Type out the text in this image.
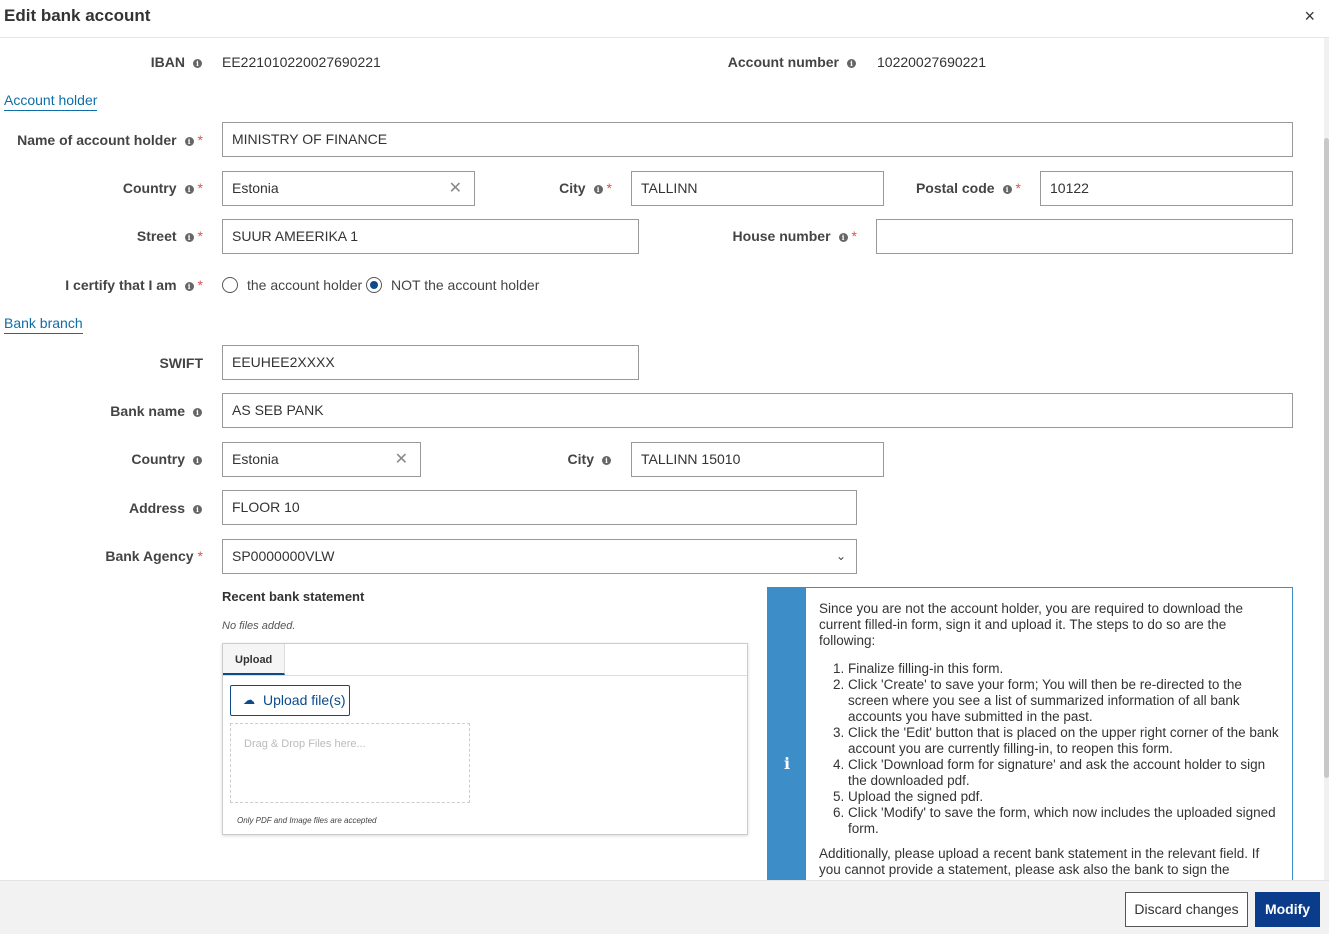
Edit bank account	×
IBAN i EE221010220027690221	Account number i 10220027690221
Account holder
Name of account holder i *	MINISTRY OF FINANCE
Country i *	Estonia	✕	City i *	TALLINN	Postal code i *	10122
Street i *	SUUR AMEERIKA 1	House number i *
I certify that I am i *	the account holder NOT the account holder
Bank branch
SWIFT	EEUHEE2XXXX
Bank name i	AS SEB PANK
Country i	Estonia	✕	City i	TALLINN 15010
Address i	FLOOR 10
Bank Agency *	SP0000000VLW	⌄
Recent bank statement
No files added.
Upload
☁ Upload file(s)
Drag & Drop Files here...
Only PDF and Image files are accepted
i

Since you are not the account holder, you are required to download the current filled-in form, sign it and upload it. The steps to do so are the following:

1. Finalize filling-in this form.
2. Click 'Create' to save your form; You will then be re-directed to the screen where you see a list of summarized information of all bank accounts you have submitted in the past.
3. Click the 'Edit' button that is placed on the upper right corner of the bank account you are currently filling-in, to reopen this form.
4. Click 'Download form for signature' and ask the account holder to sign the downloaded pdf.
5. Upload the signed pdf.
6. Click 'Modify' to save the form, which now includes the uploaded signed form.

Additionally, please upload a recent bank statement in the relevant field. If you cannot provide a statement, please ask also the bank to sign the

Discard changes	Modify
